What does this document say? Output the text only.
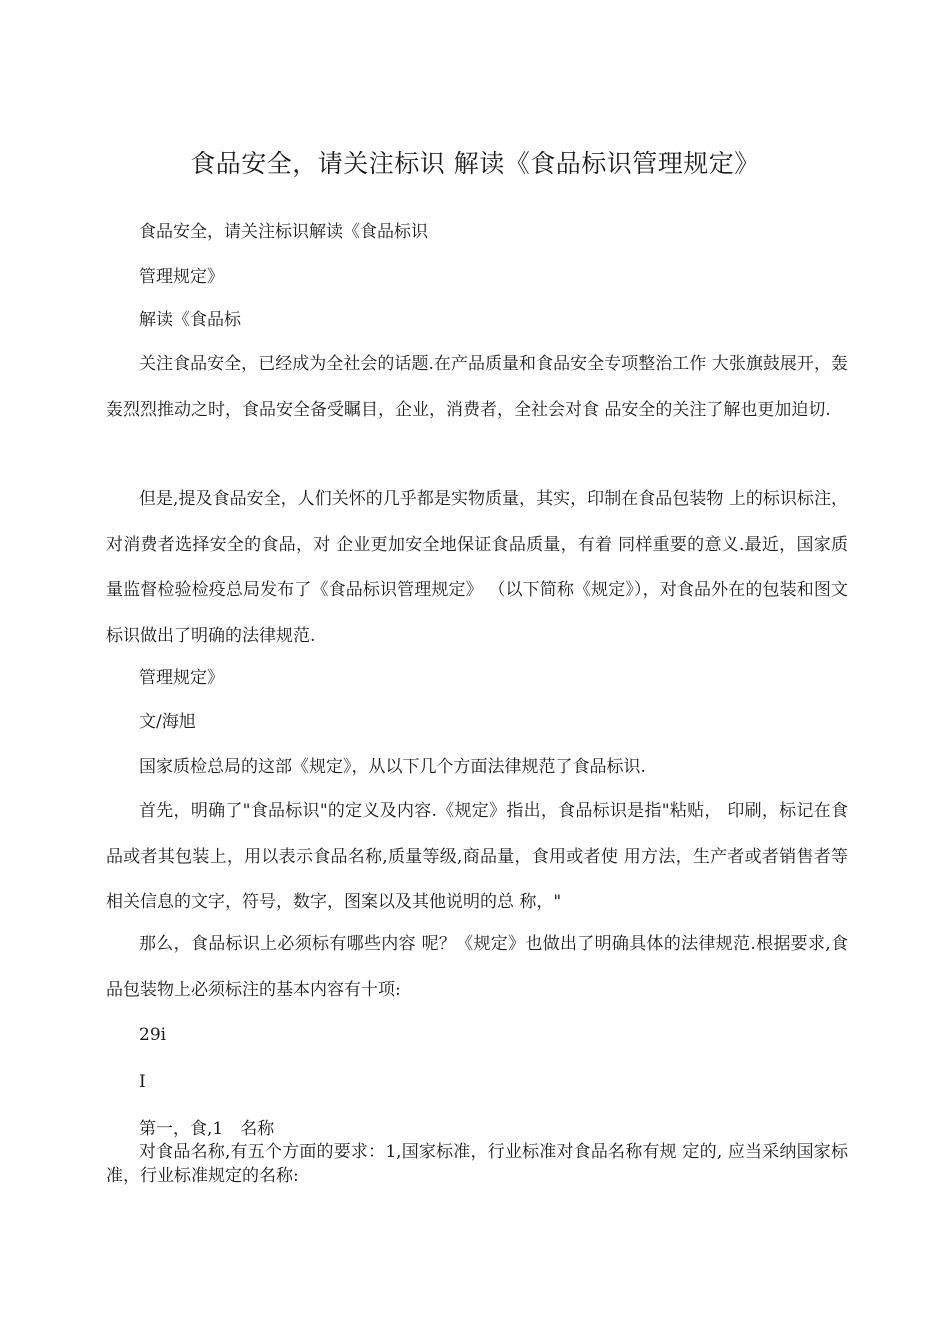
食品安全，请关注标识 解读《食品标识管理规定》
食品安全，请关注标识解读《食品标识
管理规定》
解读《食品标
关注食品安全，已经成为全社会的话题.在产品质量和食品安全专项整治工作 大张旗鼓展开，轰轰烈烈推动之时，食品安全备受瞩目，企业，消费者，全社会对食 品安全的关注了解也更加迫切.
但是,提及食品安全，人们关怀的几乎都是实物质量，其实，印制在食品包装物 上的标识标注，对消费者选择安全的食品，对 企业更加安全地保证食品质量，有着 同样重要的意义.最近，国家质量监督检验检疫总局发布了《食品标识管理规定》 （以下简称《规定》），对食品外在的包装和图文标识做出了明确的法律规范.
管理规定》
文/海旭
国家质检总局的这部《规定》，从以下几个方面法律规范了食品标识.
首先，明确了"食品标识"的定义及内容.《规定》指出，食品标识是指"粘贴， 印刷，标记在食品或者其包装上，用以表示食品名称,质量等级,商品量，食用或者使 用方法，生产者或者销售者等相关信息的文字，符号，数字，图案以及其他说明的总 称，"
那么，食品标识上必须标有哪些内容 呢？《规定》也做出了明确具体的法律规范.根据要求,食品包装物上必须标注的基本内容有十项:
29i
I
第一，食,1　名称
对食品名称,有五个方面的要求：1,国家标准，行业标准对食品名称有规 定的, 应当采纳国家标准，行业标准规定的名称:
